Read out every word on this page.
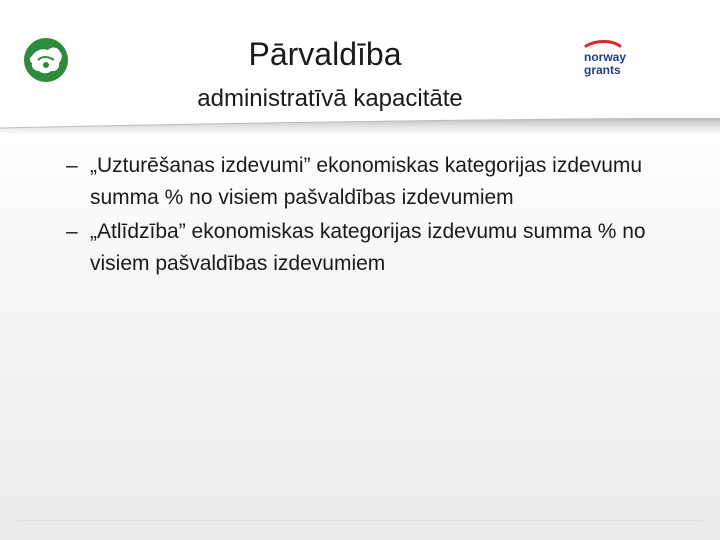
Pārvaldība
administratīvā kapacitāte
norway
grants
– „Uzturēšanas izdevumi” ekonomiskas kategorijas izdevumu summa % no visiem pašvaldības izdevumiem
– „Atlīdzība” ekonomiskas kategorijas izdevumu summa % no visiem pašvaldības izdevumiem
